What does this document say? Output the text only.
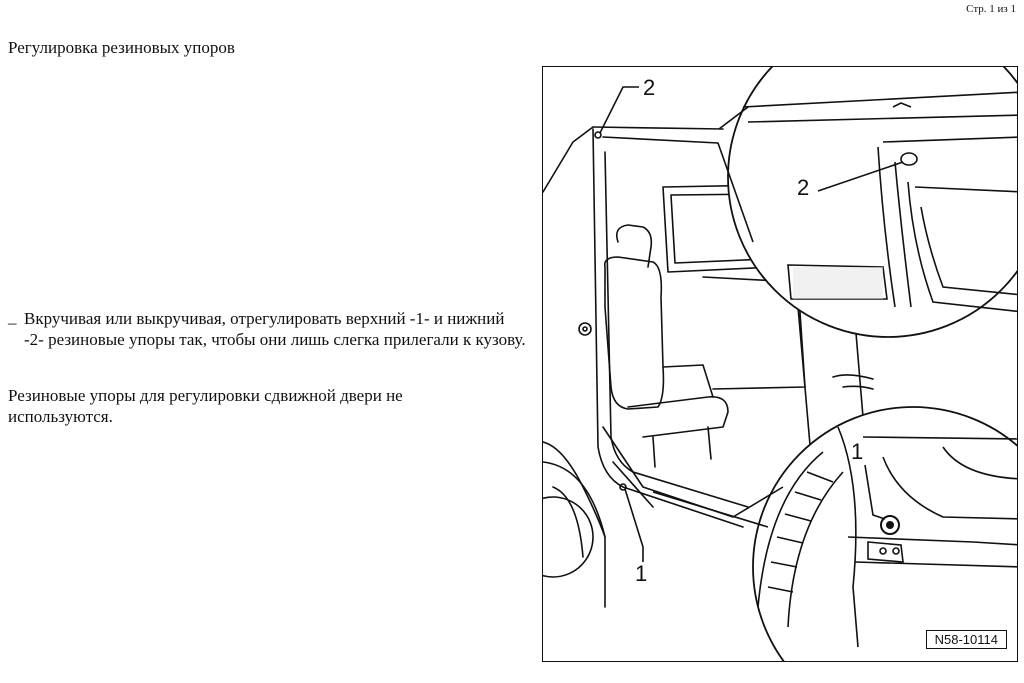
Стр. 1 из 1
Регулировка резиновых упоров
– Вкручивая или выкручивая, отрегулировать верхний -1- и нижний -2- резиновые упоры так, чтобы они лишь слегка прилегали к кузову.
Резиновые упоры для регулировки сдвижной двери не используются.
2
2
1
1
N58-10114
